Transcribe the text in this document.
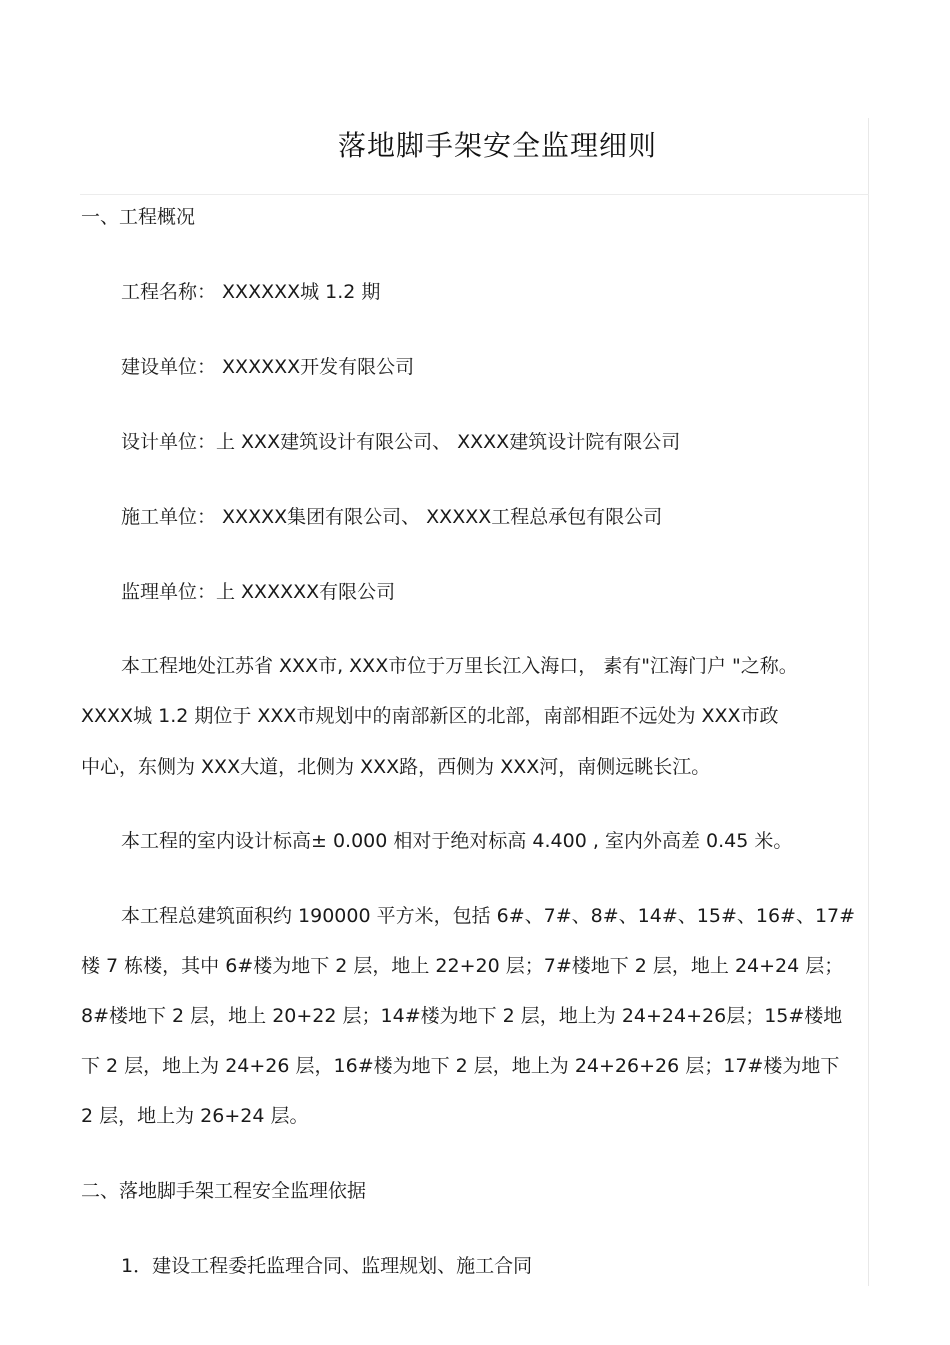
落地脚手架安全监理细则
一、工程概况
工程名称： XXXXXX城 1.2 期
建设单位： XXXXXX开发有限公司
设计单位：上 XXX建筑设计有限公司、 XXXX建筑设计院有限公司
施工单位： XXXXX集团有限公司、 XXXXX工程总承包有限公司
监理单位：上 XXXXXX有限公司
本工程地处江苏省 XXX市, XXX市位于万里长江入海口， 素有"江海门户 "之称。
XXXX城 1.2 期位于 XXX市规划中的南部新区的北部，南部相距不远处为 XXX市政
中心，东侧为 XXX大道，北侧为 XXX路，西侧为 XXX河，南侧远眺长江。
本工程的室内设计标高± 0.000 相对于绝对标高 4.400 , 室内外高差 0.45 米。
本工程总建筑面积约 190000 平方米，包括 6#、7#、8#、14#、15#、16#、17#
楼 7 栋楼，其中 6#楼为地下 2 层，地上 22+20 层；7#楼地下 2 层，地上 24+24 层；
8#楼地下 2 层，地上 20+22 层；14#楼为地下 2 层，地上为 24+24+26层；15#楼地
下 2 层，地上为 24+26 层，16#楼为地下 2 层，地上为 24+26+26 层；17#楼为地下
2 层，地上为 26+24 层。
二、落地脚手架工程安全监理依据
1．建设工程委托监理合同、监理规划、施工合同
